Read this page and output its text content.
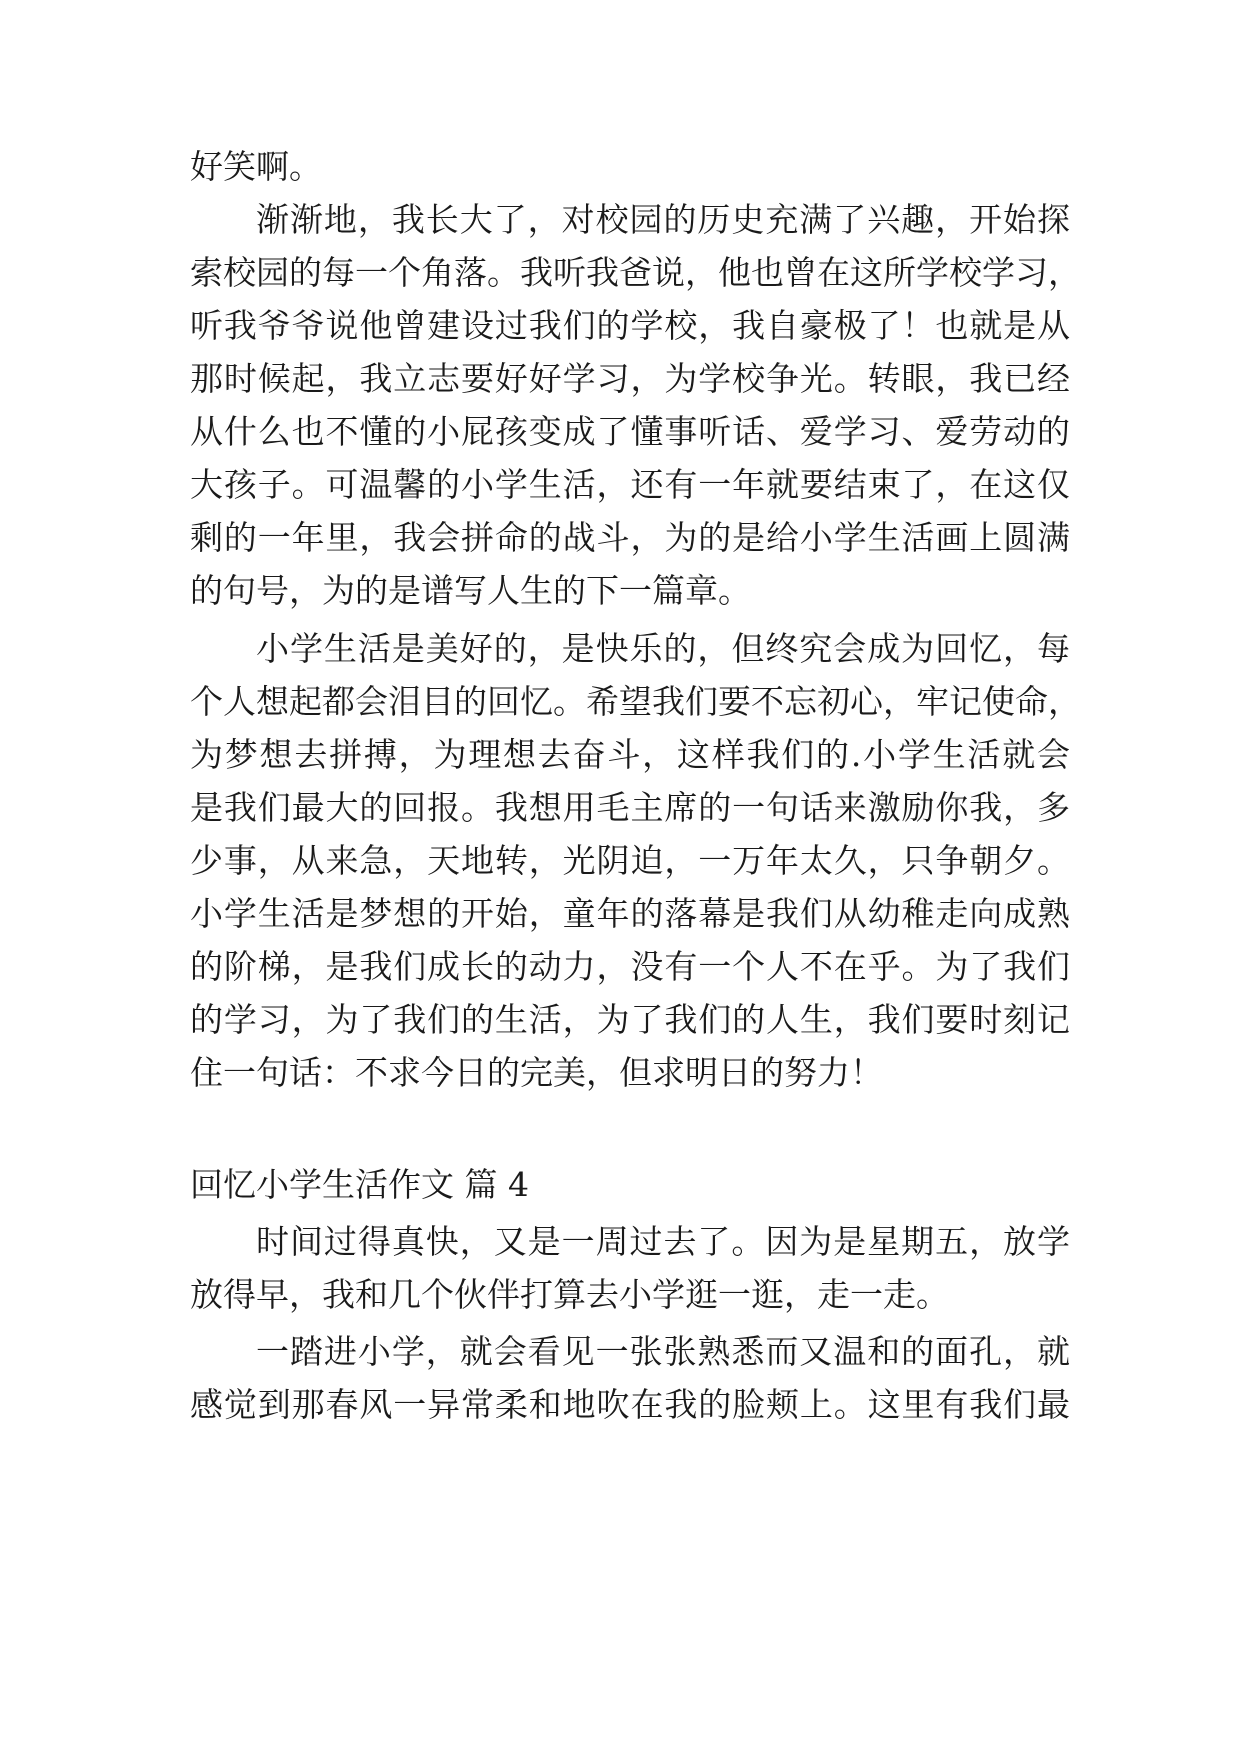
好笑啊。
渐渐地，我长大了，对校园的历史充满了兴趣，开始探
索校园的每一个角落。我听我爸说，他也曾在这所学校学习，
听我爷爷说他曾建设过我们的学校，我自豪极了！也就是从
那时候起，我立志要好好学习，为学校争光。转眼，我已经
从什么也不懂的小屁孩变成了懂事听话、爱学习、爱劳动的
大孩子。可温馨的小学生活，还有一年就要结束了，在这仅
剩的一年里，我会拼命的战斗，为的是给小学生活画上圆满
的句号，为的是谱写人生的下一篇章。
小学生活是美好的，是快乐的，但终究会成为回忆，每
个人想起都会泪目的回忆。希望我们要不忘初心，牢记使命，
为梦想去拼搏，为理想去奋斗，这样我们的.小学生活就会
是我们最大的回报。我想用毛主席的一句话来激励你我，多
少事，从来急，天地转，光阴迫，一万年太久，只争朝夕。
小学生活是梦想的开始，童年的落幕是我们从幼稚走向成熟
的阶梯，是我们成长的动力，没有一个人不在乎。为了我们
的学习，为了我们的生活，为了我们的人生，我们要时刻记
住一句话：不求今日的完美，但求明日的努力！
回忆小学生活作文 篇 4
时间过得真快，又是一周过去了。因为是星期五，放学
放得早，我和几个伙伴打算去小学逛一逛，走一走。
一踏进小学，就会看见一张张熟悉而又温和的面孔，就
感觉到那春风一异常柔和地吹在我的脸颊上。这里有我们最
